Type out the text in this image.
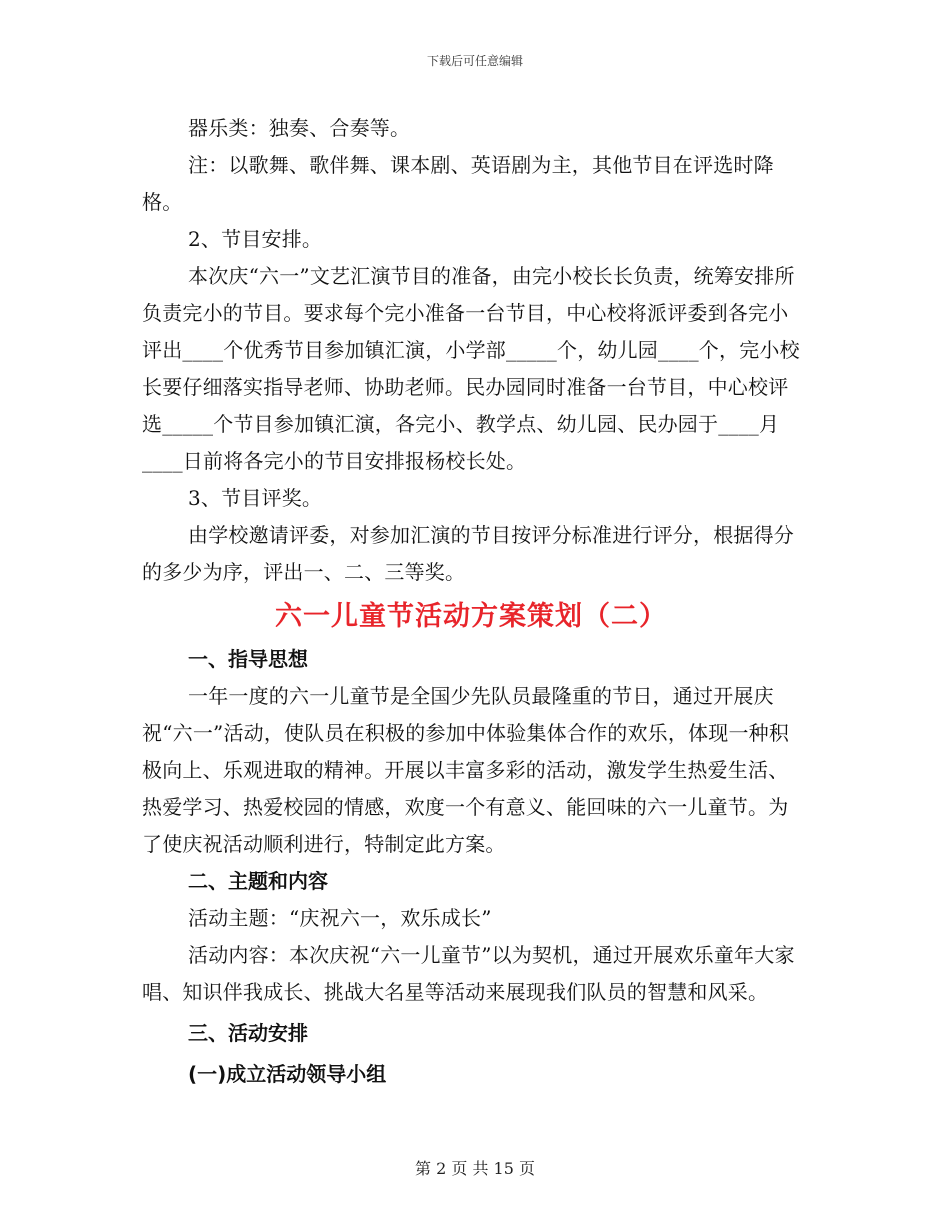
下载后可任意编辑

器乐类：独奏、合奏等。

注：以歌舞、歌伴舞、课本剧、英语剧为主，其他节目在评选时降格。

2、节目安排。

本次庆“六一”文艺汇演节目的准备，由完小校长长负责，统筹安排所负责完小的节目。要求每个完小准备一台节目，中心校将派评委到各完小评出____个优秀节目参加镇汇演，小学部_____个，幼儿园____个，完小校长要仔细落实指导老师、协助老师。民办园同时准备一台节目，中心校评选_____个节目参加镇汇演，各完小、教学点、幼儿园、民办园于____月____日前将各完小的节目安排报杨校长处。

3、节目评奖。

由学校邀请评委，对参加汇演的节目按评分标准进行评分，根据得分的多少为序，评出一、二、三等奖。

六一儿童节活动方案策划（二）

一、指导思想

一年一度的六一儿童节是全国少先队员最隆重的节日，通过开展庆祝“六一”活动，使队员在积极的参加中体验集体合作的欢乐，体现一种积极向上、乐观进取的精神。开展以丰富多彩的活动，激发学生热爱生活、热爱学习、热爱校园的情感，欢度一个有意义、能回味的六一儿童节。为了使庆祝活动顺利进行，特制定此方案。

二、主题和内容

活动主题：“庆祝六一，欢乐成长”

活动内容：本次庆祝“六一儿童节”以为契机，通过开展欢乐童年大家唱、知识伴我成长、挑战大名星等活动来展现我们队员的智慧和风采。

三、活动安排

(一)成立活动领导小组

第 2 页 共 15 页
